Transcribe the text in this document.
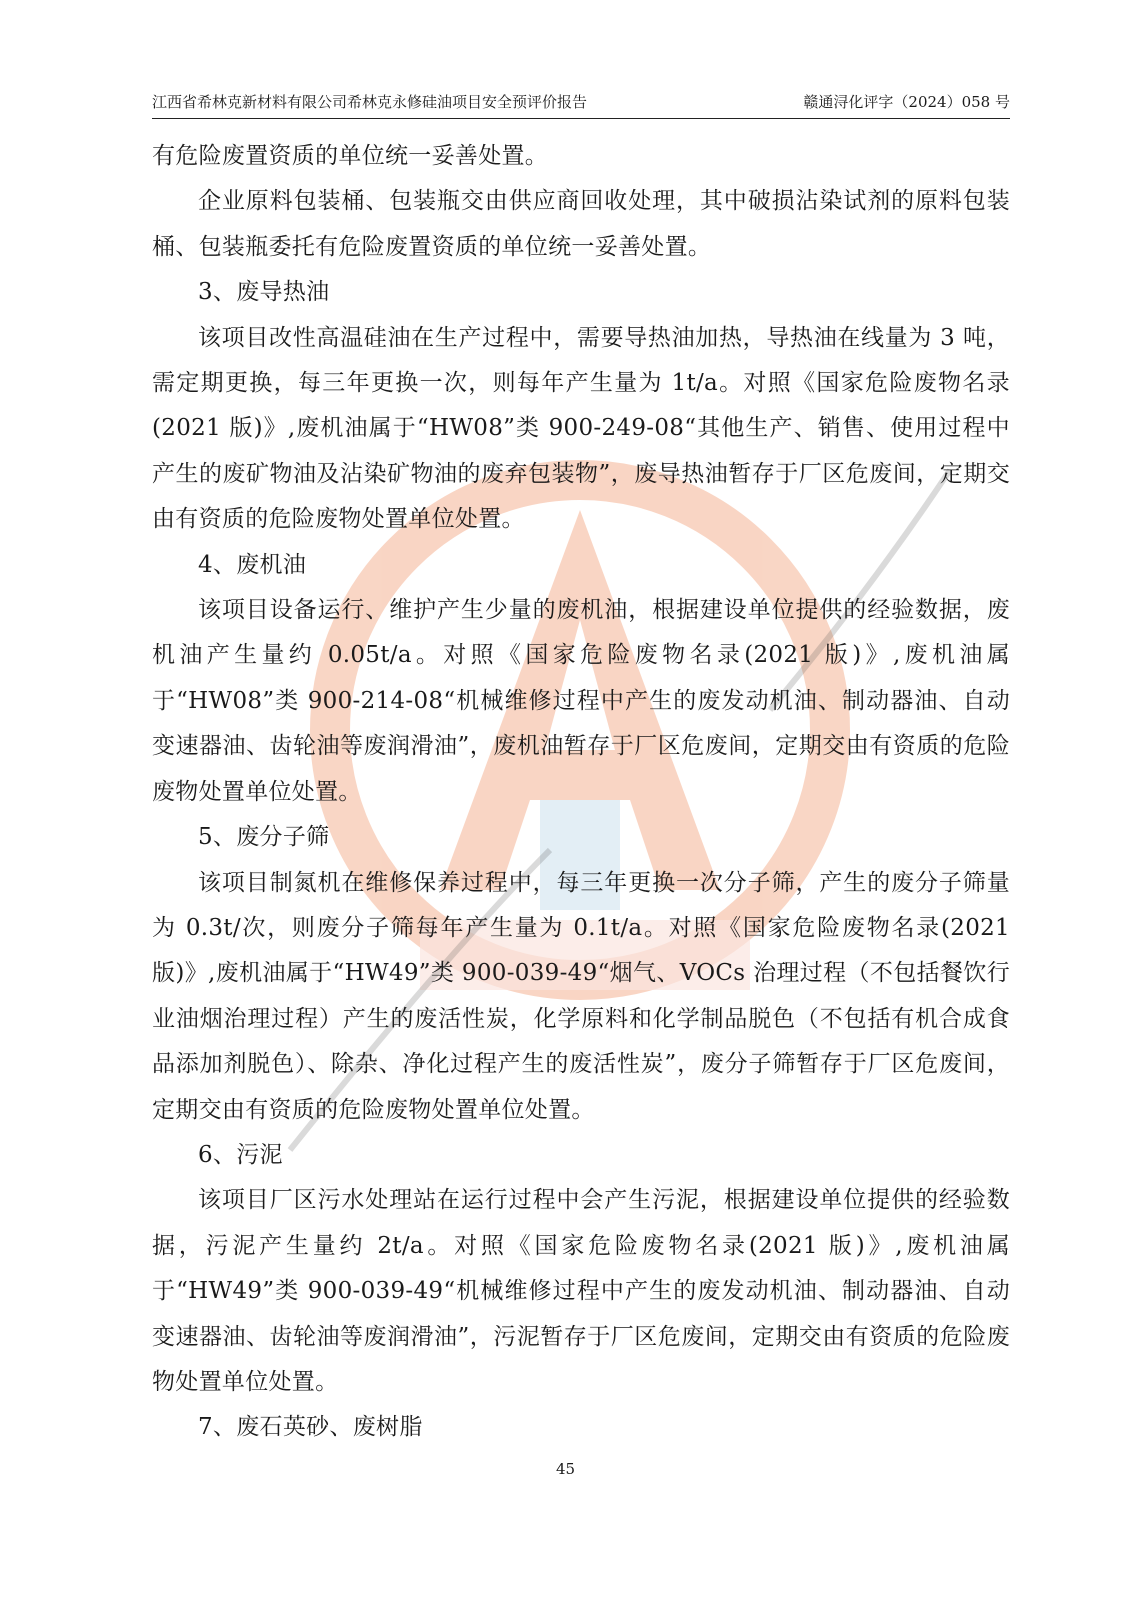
江西省希林克新材料有限公司希林克永修硅油项目安全预评价报告	赣通浔化评字（2024）058 号

有危险废置资质的单位统一妥善处置。

企业原料包装桶、包装瓶交由供应商回收处理，其中破损沾染试剂的原料包装桶、包装瓶委托有危险废置资质的单位统一妥善处置。

3、废导热油

该项目改性高温硅油在生产过程中，需要导热油加热，导热油在线量为 3 吨，需定期更换，每三年更换一次，则每年产生量为 1t/a。对照《国家危险废物名录(2021 版)》,废机油属于“HW08”类 900-249-08“其他生产、销售、使用过程中产生的废矿物油及沾染矿物油的废弃包装物”，废导热油暂存于厂区危废间，定期交由有资质的危险废物处置单位处置。

4、废机油

该项目设备运行、维护产生少量的废机油，根据建设单位提供的经验数据，废机油产生量约 0.05t/a。对照《国家危险废物名录(2021 版)》,废机油属于“HW08”类 900-214-08“机械维修过程中产生的废发动机油、制动器油、自动变速器油、齿轮油等废润滑油”，废机油暂存于厂区危废间，定期交由有资质的危险废物处置单位处置。

5、废分子筛

该项目制氮机在维修保养过程中，每三年更换一次分子筛，产生的废分子筛量为 0.3t/次，则废分子筛每年产生量为 0.1t/a。对照《国家危险废物名录(2021 版)》,废机油属于“HW49”类 900-039-49“烟气、VOCs 治理过程（不包括餐饮行业油烟治理过程）产生的废活性炭，化学原料和化学制品脱色（不包括有机合成食品添加剂脱色）、除杂、净化过程产生的废活性炭”，废分子筛暂存于厂区危废间，定期交由有资质的危险废物处置单位处置。

6、污泥

该项目厂区污水处理站在运行过程中会产生污泥，根据建设单位提供的经验数据，污泥产生量约 2t/a。对照《国家危险废物名录(2021 版)》,废机油属于“HW49”类 900-039-49“机械维修过程中产生的废发动机油、制动器油、自动变速器油、齿轮油等废润滑油”，污泥暂存于厂区危废间，定期交由有资质的危险废物处置单位处置。

7、废石英砂、废树脂

45
